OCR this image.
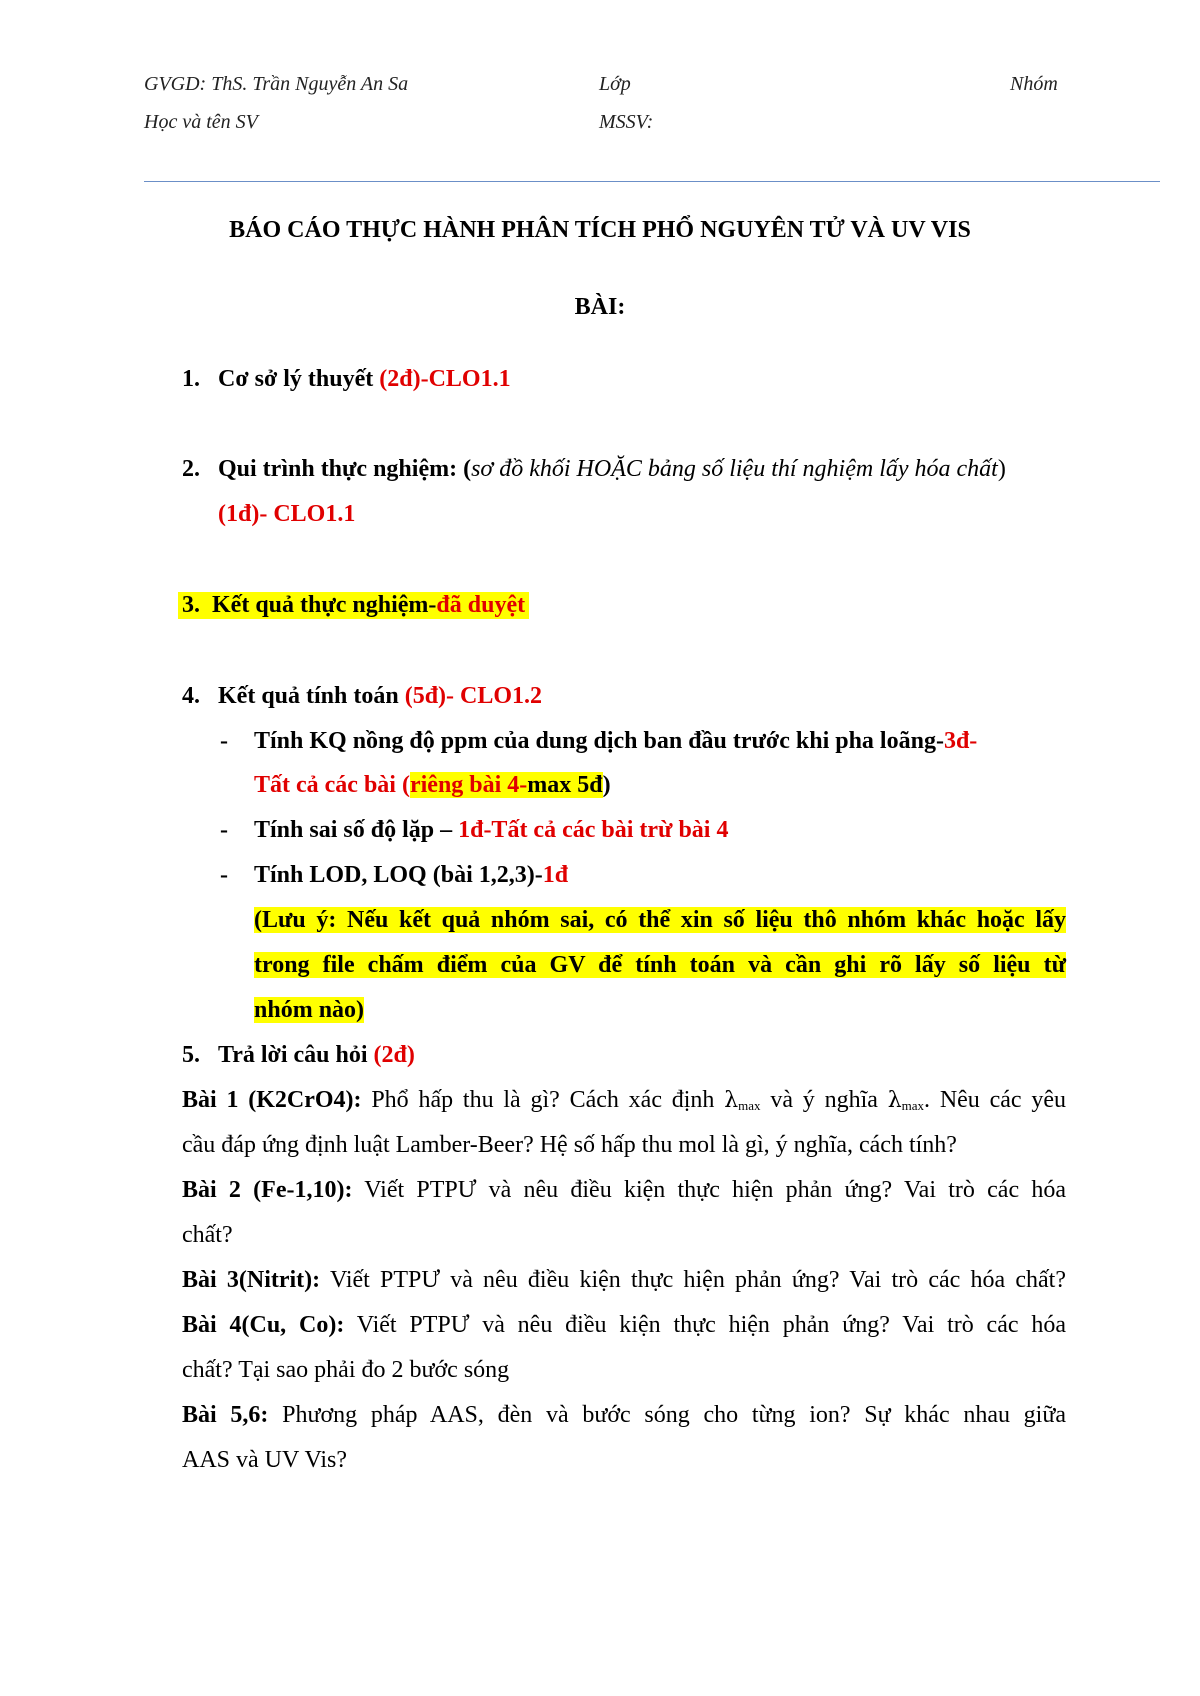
GVGD: ThS. Trần Nguyễn An Sa	Lớp	Nhóm
Học và tên SV	MSSV:
BÁO CÁO THỰC HÀNH PHÂN TÍCH PHỔ NGUYÊN TỬ VÀ UV VIS
BÀI:
1. Cơ sở lý thuyết (2đ)-CLO1.1
2. Qui trình thực nghiệm: (sơ đồ khối HOẶC bảng số liệu thí nghiệm lấy hóa chất)
(1đ)- CLO1.1
3. Kết quả thực nghiệm-đã duyệt
4. Kết quả tính toán (5đ)- CLO1.2
- Tính KQ nồng độ ppm của dung dịch ban đầu trước khi pha loãng-3đ-
Tất cả các bài (riêng bài 4-max 5đ)
- Tính sai số độ lặp – 1đ-Tất cả các bài trừ bài 4
- Tính LOD, LOQ (bài 1,2,3)-1đ
(Lưu ý: Nếu kết quả nhóm sai, có thể xin số liệu thô nhóm khác hoặc lấy
trong file chấm điểm của GV để tính toán và cần ghi rõ lấy số liệu từ
nhóm nào)
5. Trả lời câu hỏi (2đ)
Bài 1 (K2CrO4): Phổ hấp thu là gì? Cách xác định $\lambda_{max}$ và ý nghĩa $\lambda_{max}$. Nêu các yêu
cầu đáp ứng định luật Lamber-Beer? Hệ số hấp thu mol là gì, ý nghĩa, cách tính?
Bài 2 (Fe-1,10): Viết PTPƯ và nêu điều kiện thực hiện phản ứng? Vai trò các hóa
chất?
Bài 3(Nitrit): Viết PTPƯ và nêu điều kiện thực hiện phản ứng? Vai trò các hóa chất?
Bài 4(Cu, Co): Viết PTPƯ và nêu điều kiện thực hiện phản ứng? Vai trò các hóa
chất? Tại sao phải đo 2 bước sóng
Bài 5,6: Phương pháp AAS, đèn và bước sóng cho từng ion? Sự khác nhau giữa
AAS và UV Vis?
